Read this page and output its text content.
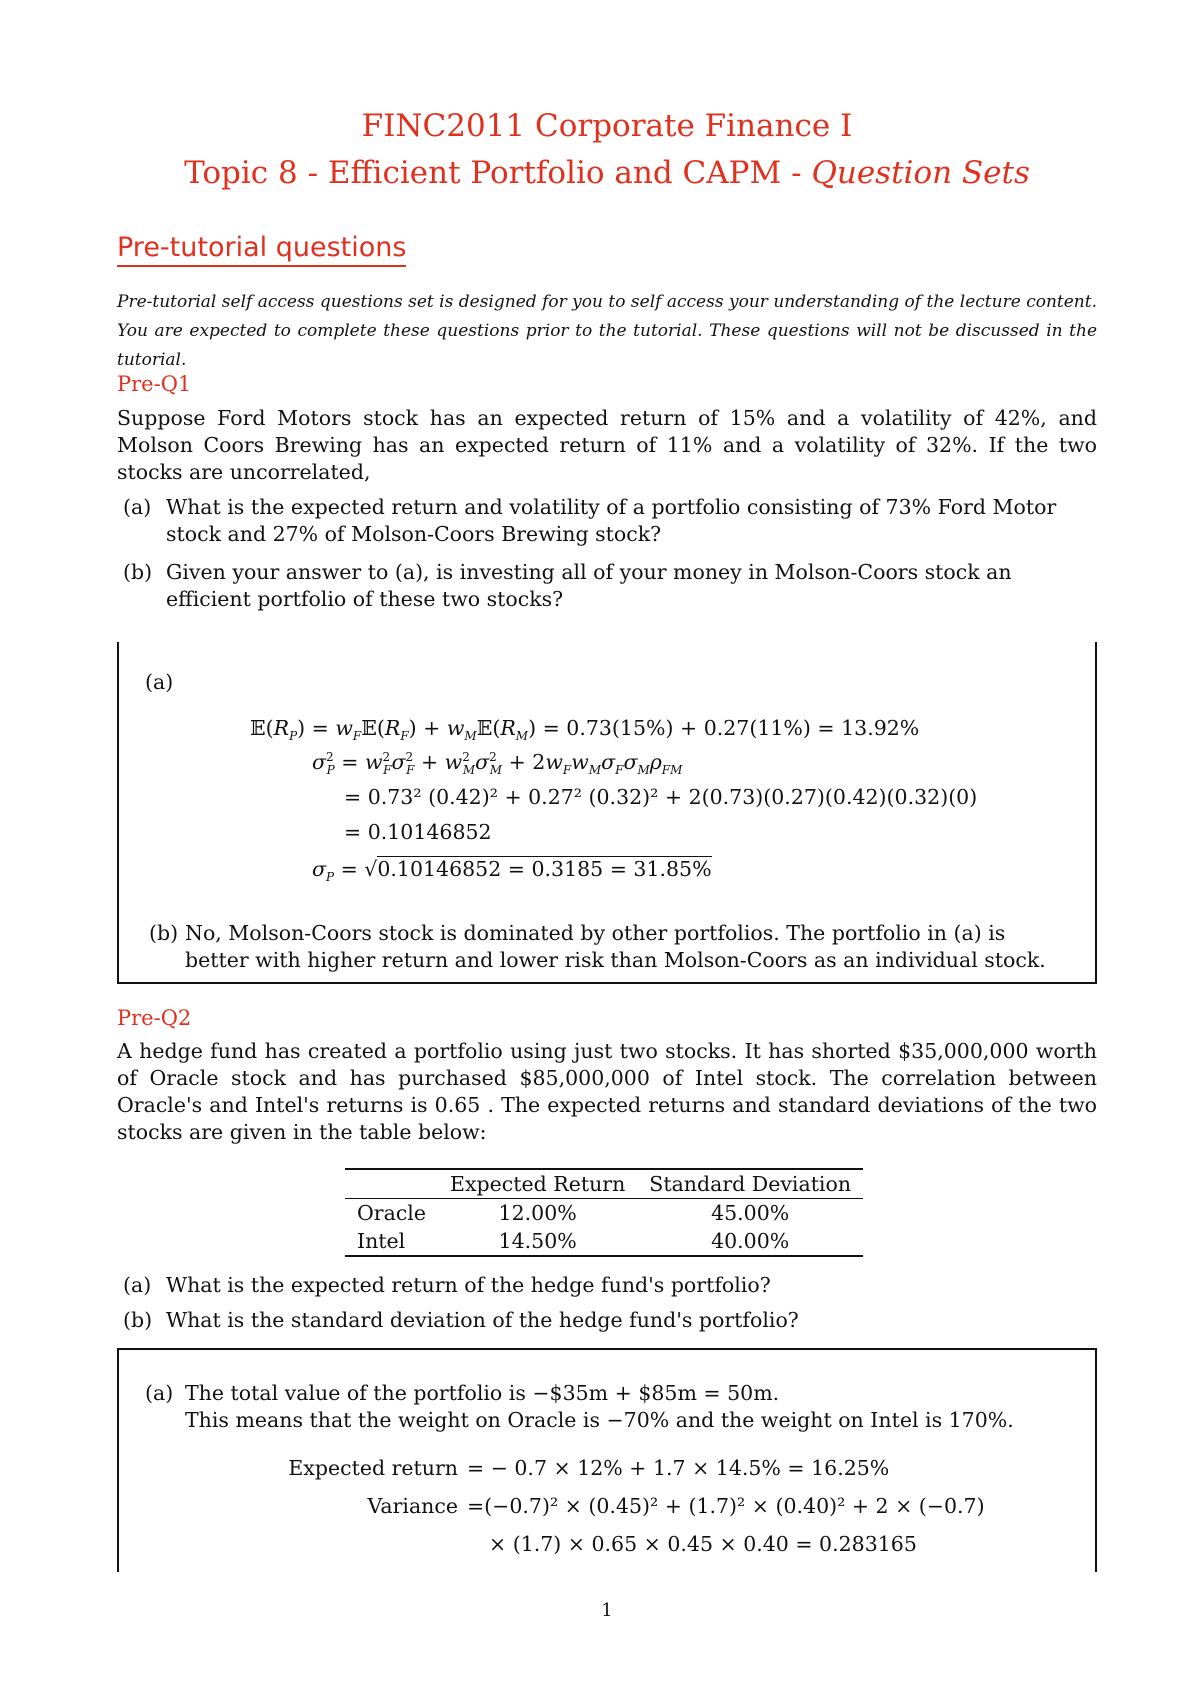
FINC2011 Corporate Finance I
Topic 8 - Efficient Portfolio and CAPM - Question Sets
Pre-tutorial questions
Pre-tutorial self access questions set is designed for you to self access your understanding of the lecture content. You are expected to complete these questions prior to the tutorial. These questions will not be discussed in the tutorial.
Pre-Q1
Suppose Ford Motors stock has an expected return of 15% and a volatility of 42%, and Molson Coors Brewing has an expected return of 11% and a volatility of 32%. If the two stocks are uncorrelated,
(a) What is the expected return and volatility of a portfolio consisting of 73% Ford Motor stock and 27% of Molson-Coors Brewing stock?
(b) Given your answer to (a), is investing all of your money in Molson-Coors stock an efficient portfolio of these two stocks?
(a)
$𝔼(R_P)$ = $w_F𝔼(R_F)$ + $w_M𝔼(R_M) = 0.73(15\%) + 0.27(11\%) = 13.92\%$
$\sigma^2_P = w^2_F\sigma^2_F + w^2_M\sigma^2_M + 2w_Fw_M\sigma_F\sigma_M\rho_{FM}$
= 0.73² (0.42)² + 0.27² (0.32)² + 2(0.73)(0.27)(0.42)(0.32)(0)
= 0.10146852
$\sigma_P = √0.10146852 = 0.3185 = 31.85\%$
(b) No, Molson-Coors stock is dominated by other portfolios. The portfolio in (a) is better with higher return and lower risk than Molson-Coors as an individual stock.
Pre-Q2
A hedge fund has created a portfolio using just two stocks. It has shorted $35,000,000 worth of Oracle stock and has purchased $85,000,000 of Intel stock. The correlation between Oracle's and Intel's returns is 0.65 . The expected returns and standard deviations of the two stocks are given in the table below:
	Expected Return	Standard Deviation
Oracle	12.00%	45.00%
Intel	14.50%	40.00%
(a) What is the expected return of the hedge fund's portfolio?
(b) What is the standard deviation of the hedge fund's portfolio?
(a) The total value of the portfolio is −$35m + $85m = 50m.
This means that the weight on Oracle is −70% and the weight on Intel is 170%.
Expected return = − 0.7 × 12% + 1.7 × 14.5% = 16.25%
Variance =(−0.7)² × (0.45)² + (1.7)² × (0.40)² + 2 × (−0.7)
× (1.7) × 0.65 × 0.45 × 0.40 = 0.283165
1
